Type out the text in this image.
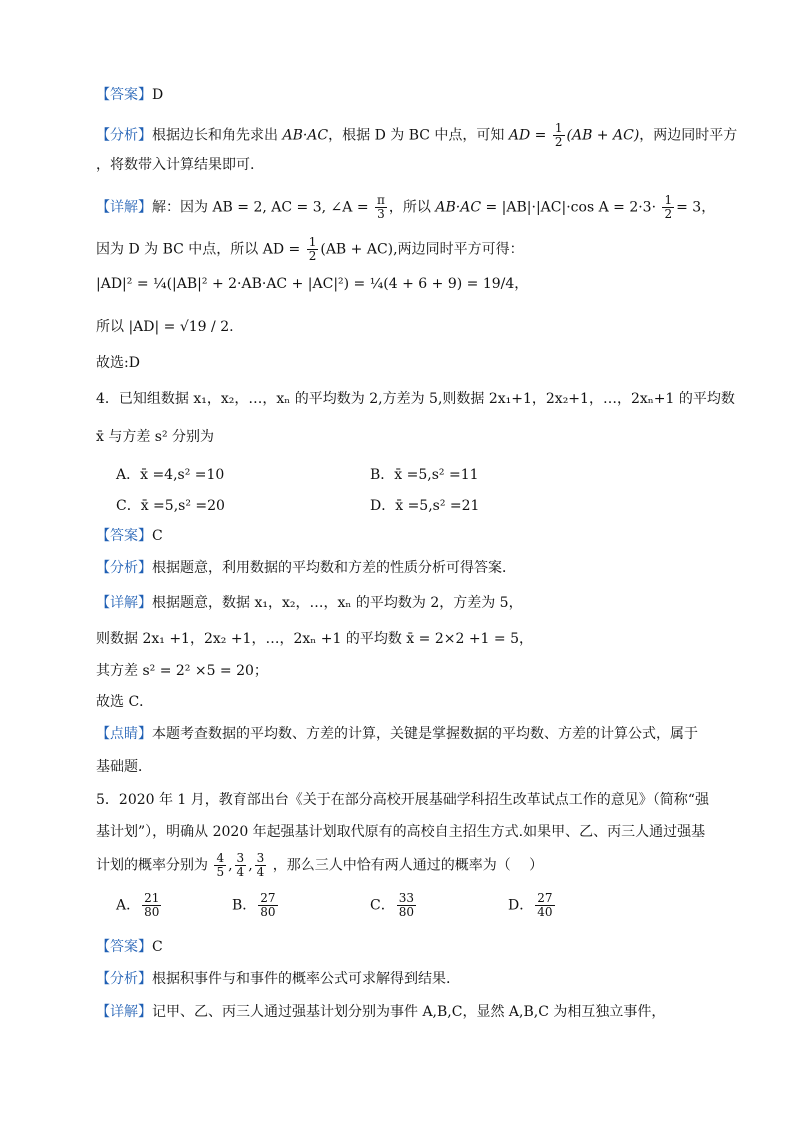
【答案】D
【分析】根据边长和角先求出 AB·AC，根据 D 为 BC 中点，可知 AD = $\frac{1}{2} (AB + AC)$，两边同时平方
，将数带入计算结果即可.
【详解】解：因为 AB = 2, AC = 3, ∠A = $\frac{\pi}{3}$ ，所以 AB·AC = |AB|·|AC|·cos $A = 2\cdot 3\cdot \frac{1}{2} = 3$，
因为 D 为 BC 中点，所以 AD = $\frac{1}{2} (AB + AC)$,两边同时平方可得：
|AD|² = ¼(|AB|² + 2·AB·AC + |AC|²) = ¼(4 + 6 + 9) = 19/4，
所以 |AD| = √19 / 2.
故选:D
4．已知组数据 x₁，x₂，…，xₙ 的平均数为 2,方差为 5,则数据 2x₁+1，2x₂+1，…，2xₙ+1 的平均数
x̄ 与方差 s² 分别为
A．x̄ =4,s² =10	B．x̄ =5,s² =11
C．x̄ =5,s² =20	D．x̄ =5,s² =21
【答案】C
【分析】根据题意，利用数据的平均数和方差的性质分析可得答案．
【详解】根据题意，数据 x₁，x₂，…，xₙ 的平均数为 2，方差为 5，
则数据 2x₁ +1，2x₂ +1，…，2xₙ +1 的平均数 x̄ = 2×2 +1 = 5，
其方差 s² = 2² ×5 = 20；
故选 C．
【点睛】本题考查数据的平均数、方差的计算，关键是掌握数据的平均数、方差的计算公式，属于
基础题．
5．2020 年 1 月，教育部出台《关于在部分高校开展基础学科招生改革试点工作的意见》（简称“强
基计划”），明确从 2020 年起强基计划取代原有的高校自主招生方式.如果甲、乙、丙三人通过强基
计划的概率分别为 $\frac{4}{5}$ , $\frac{3}{4}$ , $\frac{3}{4}$ ，那么三人中恰有两人通过的概率为（　 ）
A． $\frac{21}{80}$	B． $\frac{27}{80}$	C． $\frac{33}{80}$	D． $\frac{27}{40}$
【答案】C
【分析】根据积事件与和事件的概率公式可求解得到结果.
【详解】记甲、乙、丙三人通过强基计划分别为事件 A,B,C，显然 A,B,C 为相互独立事件，
